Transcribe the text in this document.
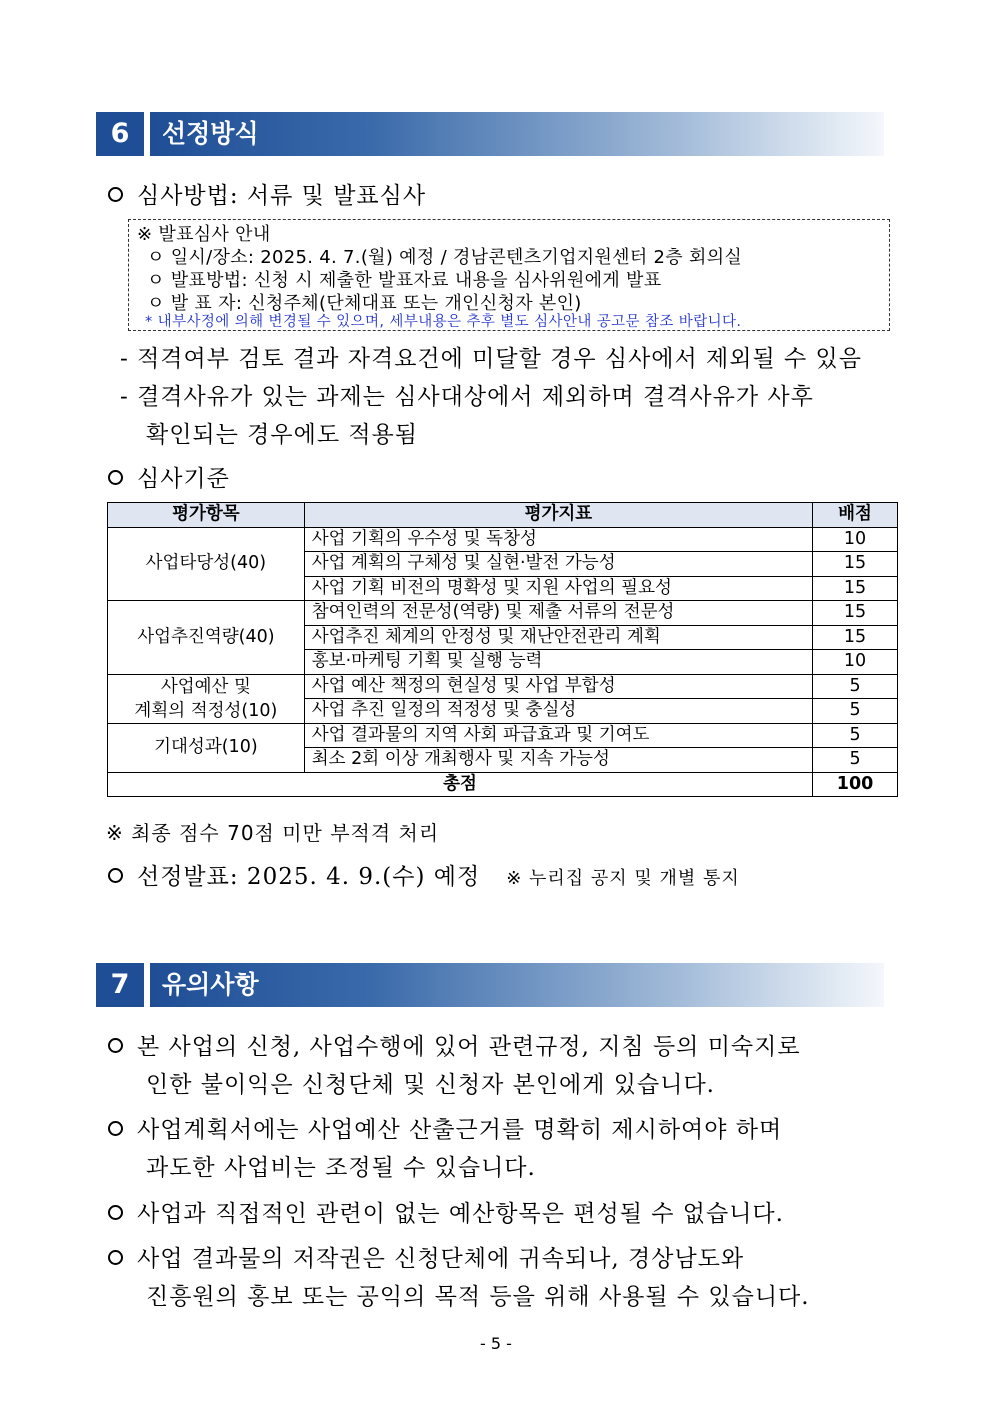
6	선정방식
심사방법: 서류 및 발표심사
※ 발표심사 안내
ㅇ 일시/장소: 2025. 4. 7.(월) 예정 / 경남콘텐츠기업지원센터 2층 회의실
ㅇ 발표방법: 신청 시 제출한 발표자료 내용을 심사위원에게 발표
ㅇ 발 표 자: 신청주체(단체대표 또는 개인신청자 본인)
* 내부사정에 의해 변경될 수 있으며, 세부내용은 추후 별도 심사안내 공고문 참조 바랍니다.
- 적격여부 검토 결과 자격요건에 미달할 경우 심사에서 제외될 수 있음
- 결격사유가 있는 과제는 심사대상에서 제외하며 결격사유가 사후
확인되는 경우에도 적용됨
심사기준
평가항목	평가지표	배점
사업타당성(40)	사업 기획의 우수성 및 독창성	10
	사업 계획의 구체성 및 실현·발전 가능성	15
	사업 기획 비전의 명확성 및 지원 사업의 필요성	15
사업추진역량(40)	참여인력의 전문성(역량) 및 제출 서류의 전문성	15
	사업추진 체계의 안정성 및 재난안전관리 계획	15
	홍보·마케팅 기획 및 실행 능력	10

사업예산 및
계획의 적정성(10)	사업 예산 책정의 현실성 및 사업 부합성	5
	사업 추진 일정의 적정성 및 충실성	5
기대성과(10)	사업 결과물의 지역 사회 파급효과 및 기여도	5
	최소 2회 이상 개최행사 및 지속 가능성	5
총점		100
※ 최종 점수 70점 미만 부적격 처리
선정발표: 2025. 4. 9.(수) 예정 ※ 누리집 공지 및 개별 통지
7	유의사항
본 사업의 신청, 사업수행에 있어 관련규정, 지침 등의 미숙지로
인한 불이익은 신청단체 및 신청자 본인에게 있습니다.
사업계획서에는 사업예산 산출근거를 명확히 제시하여야 하며
과도한 사업비는 조정될 수 있습니다.
사업과 직접적인 관련이 없는 예산항목은 편성될 수 없습니다.
사업 결과물의 저작권은 신청단체에 귀속되나, 경상남도와
진흥원의 홍보 또는 공익의 목적 등을 위해 사용될 수 있습니다.
- 5 -
